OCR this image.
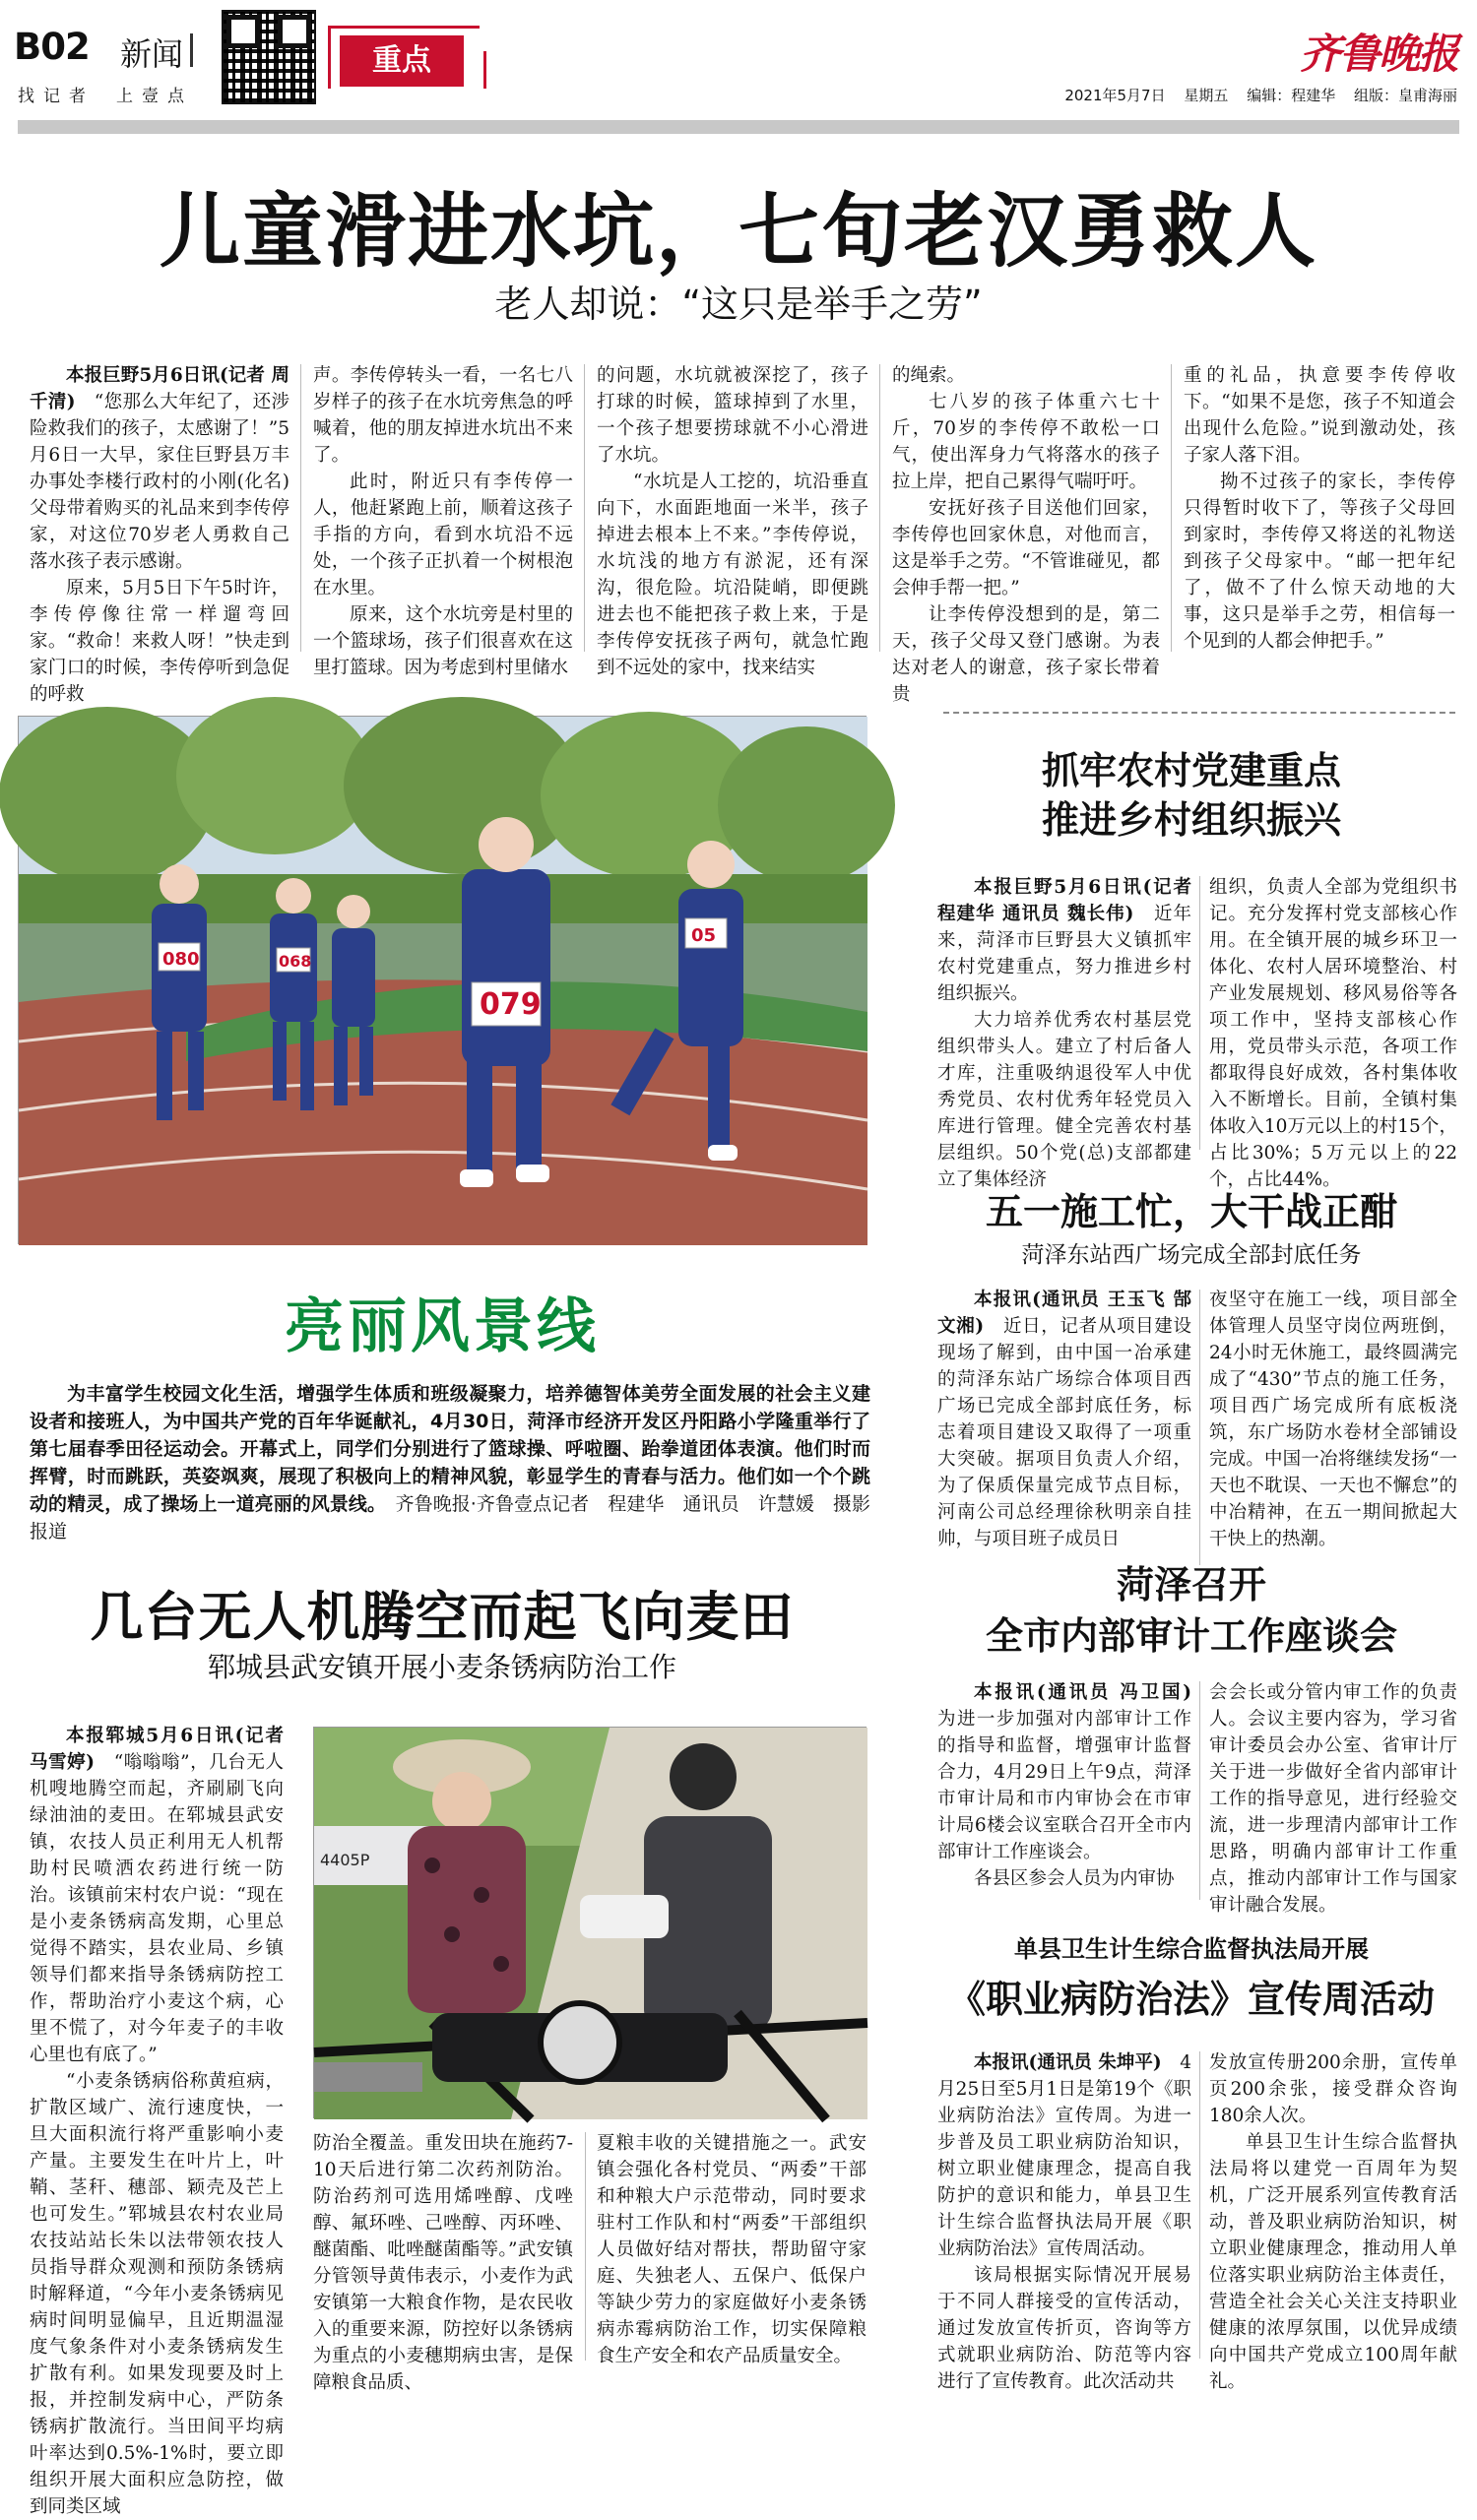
B02 新闻
找记者 上壹点
重点	齐鲁晚报
2021年5月7日 星期五 编辑：程建华 组版：皇甫海丽
儿童滑进水坑，七旬老汉勇救人
老人却说：“这只是举手之劳”

本报巨野5月6日讯(记者 周千清)　 “您那么大年纪了，还涉险救我们的孩子，太感谢了！”5月6日一大早，家住巨野县万丰办事处李楼行政村的小刚(化名)父母带着购买的礼品来到李传停家，对这位70岁老人勇救自己落水孩子表示感谢。

原来，5月5日下午5时许，李传停像往常一样遛弯回家。“救命！来救人呀！”快走到家门口的时候，李传停听到急促的呼救

声。李传停转头一看，一名七八岁样子的孩子在水坑旁焦急的呼喊着，他的朋友掉进水坑出不来了。

此时，附近只有李传停一人，他赶紧跑上前，顺着这孩子手指的方向，看到水坑沿不远处，一个孩子正扒着一个树根泡在水里。

原来，这个水坑旁是村里的一个篮球场，孩子们很喜欢在这里打篮球。因为考虑到村里储水

的问题，水坑就被深挖了，孩子打球的时候，篮球掉到了水里，一个孩子想要捞球就不小心滑进了水坑。

“水坑是人工挖的，坑沿垂直向下，水面距地面一米半，孩子掉进去根本上不来。”李传停说，水坑浅的地方有淤泥，还有深沟，很危险。坑沿陡峭，即便跳进去也不能把孩子救上来，于是李传停安抚孩子两句，就急忙跑到不远处的家中，找来结实

的绳索。

七八岁的孩子体重六七十斤，70岁的李传停不敢松一口气，使出浑身力气将落水的孩子拉上岸，把自己累得气喘吁吁。

安抚好孩子目送他们回家，李传停也回家休息，对他而言，这是举手之劳。“不管谁碰见，都会伸手帮一把。”

让李传停没想到的是，第二天，孩子父母又登门感谢。为表达对老人的谢意，孩子家长带着贵

重的礼品，执意要李传停收下。“如果不是您，孩子不知道会出现什么危险。”说到激动处，孩子家人落下泪。

拗不过孩子的家长，李传停只得暂时收下了，等孩子父母回到家时，李传停又将送的礼物送到孩子父母家中。“邮一把年纪了，做不了什么惊天动地的大事，这只是举手之劳，相信每一个见到的人都会伸把手。”

080	068
079
05
亮丽风景线
为丰富学生校园文化生活，增强学生体质和班级凝聚力，培养德智体美劳全面发展的社会主义建设者和接班人，为中国共产党的百年华诞献礼，4月30日，菏泽市经济开发区丹阳路小学隆重举行了第七届春季田径运动会。开幕式上，同学们分别进行了篮球操、呼啦圈、跆拳道团体表演。他们时而挥臂，时而跳跃，英姿飒爽，展现了积极向上的精神风貌，彰显学生的青春与活力。他们如一个个跳动的精灵，成了操场上一道亮丽的风景线。　 齐鲁晚报·齐鲁壹点记者　程建华　通讯员　许慧媛　摄影报道
抓牢农村党建重点
推进乡村组织振兴

本报巨野5月6日讯(记者 程建华 通讯员 魏长伟)　 近年来，菏泽市巨野县大义镇抓牢农村党建重点，努力推进乡村组织振兴。

大力培养优秀农村基层党组织带头人。建立了村后备人才库，注重吸纳退役军人中优秀党员、农村优秀年轻党员入库进行管理。健全完善农村基层组织。50个党(总)支部都建立了集体经济

组织，负责人全部为党组织书记。充分发挥村党支部核心作用。在全镇开展的城乡环卫一体化、农村人居环境整治、村产业发展规划、移风易俗等各项工作中，坚持支部核心作用，党员带头示范，各项工作都取得良好成效，各村集体收入不断增长。目前，全镇村集体收入10万元以上的村15个，占比30%；5万元以上的22个，占比44%。

五一施工忙，大干战正酣
菏泽东站西广场完成全部封底任务

本报讯(通讯员 王玉飞 郜文湘)　 近日，记者从项目建设现场了解到，由中国一冶承建的菏泽东站广场综合体项目西广场已完成全部封底任务，标志着项目建设又取得了一项重大突破。据项目负责人介绍，为了保质保量完成节点目标，河南公司总经理徐秋明亲自挂帅，与项目班子成员日

夜坚守在施工一线，项目部全体管理人员坚守岗位两班倒，24小时无休施工，最终圆满完成了“430”节点的施工任务，项目西广场完成所有底板浇筑，东广场防水卷材全部铺设完成。中国一冶将继续发扬“一天也不耽误、一天也不懈怠”的中冶精神，在五一期间掀起大干快上的热潮。

几台无人机腾空而起飞向麦田
郓城县武安镇开展小麦条锈病防治工作

本报郓城5月6日讯(记者 马雪婷)　 “嗡嗡嗡”，几台无人机嗖地腾空而起，齐刷刷飞向绿油油的麦田。在郓城县武安镇，农技人员正利用无人机帮助村民喷洒农药进行统一防治。该镇前宋村农户说：“现在是小麦条锈病高发期，心里总觉得不踏实，县农业局、乡镇领导们都来指导条锈病防控工作，帮助治疗小麦这个病，心里不慌了，对今年麦子的丰收心里也有底了。”

“小麦条锈病俗称黄疸病，扩散区域广、流行速度快，一旦大面积流行将严重影响小麦产量。主要发生在叶片上，叶鞘、茎秆、穗部、颖壳及芒上也可发生。”郓城县农村农业局农技站站长朱以法带领农技人员指导群众观测和预防条锈病时解释道，“今年小麦条锈病见病时间明显偏早，且近期温湿度气象条件对小麦条锈病发生扩散有利。如果发现要及时上报，并控制发病中心，严防条锈病扩散流行。当田间平均病叶率达到0.5%-1%时，要立即组织开展大面积应急防控，做到同类区域

4405P

防治全覆盖。重发田块在施药7-10天后进行第二次药剂防治。防治药剂可选用烯唑醇、戊唑醇、氟环唑、己唑醇、丙环唑、醚菌酯、吡唑醚菌酯等。”武安镇分管领导黄伟表示，小麦作为武安镇第一大粮食作物，是农民收入的重要来源，防控好以条锈病为重点的小麦穗期病虫害，是保障粮食品质、

夏粮丰收的关键措施之一。武安镇会强化各村党员、“两委”干部和种粮大户示范带动，同时要求驻村工作队和村“两委”干部组织人员做好结对帮扶，帮助留守家庭、失独老人、五保户、低保户等缺少劳力的家庭做好小麦条锈病赤霉病防治工作，切实保障粮食生产安全和农产品质量安全。

菏泽召开
全市内部审计工作座谈会

本报讯(通讯员 冯卫国)　为进一步加强对内部审计工作的指导和监督，增强审计监督合力，4月29日上午9点，菏泽市审计局和市内审协会在市审计局6楼会议室联合召开全市内部审计工作座谈会。

各县区参会人员为内审协

会会长或分管内审工作的负责人。会议主要内容为，学习省审计委员会办公室、省审计厅关于进一步做好全省内部审计工作的指导意见，进行经验交流，进一步理清内部审计工作思路，明确内部审计工作重点，推动内部审计工作与国家审计融合发展。

单县卫生计生综合监督执法局开展
《职业病防治法》宣传周活动

本报讯(通讯员 朱坤平)　 4月25日至5月1日是第19个《职业病防治法》宣传周。为进一步普及员工职业病防治知识，树立职业健康理念，提高自我防护的意识和能力，单县卫生计生综合监督执法局开展《职业病防治法》宣传周活动。

该局根据实际情况开展易于不同人群接受的宣传活动，通过发放宣传折页，咨询等方式就职业病防治、防范等内容进行了宣传教育。此次活动共

发放宣传册200余册，宣传单页200余张，接受群众咨询180余人次。

单县卫生计生综合监督执法局将以建党一百周年为契机，广泛开展系列宣传教育活动，普及职业病防治知识，树立职业健康理念，推动用人单位落实职业病防治主体责任，营造全社会关心关注支持职业健康的浓厚氛围，以优异成绩向中国共产党成立100周年献礼。
